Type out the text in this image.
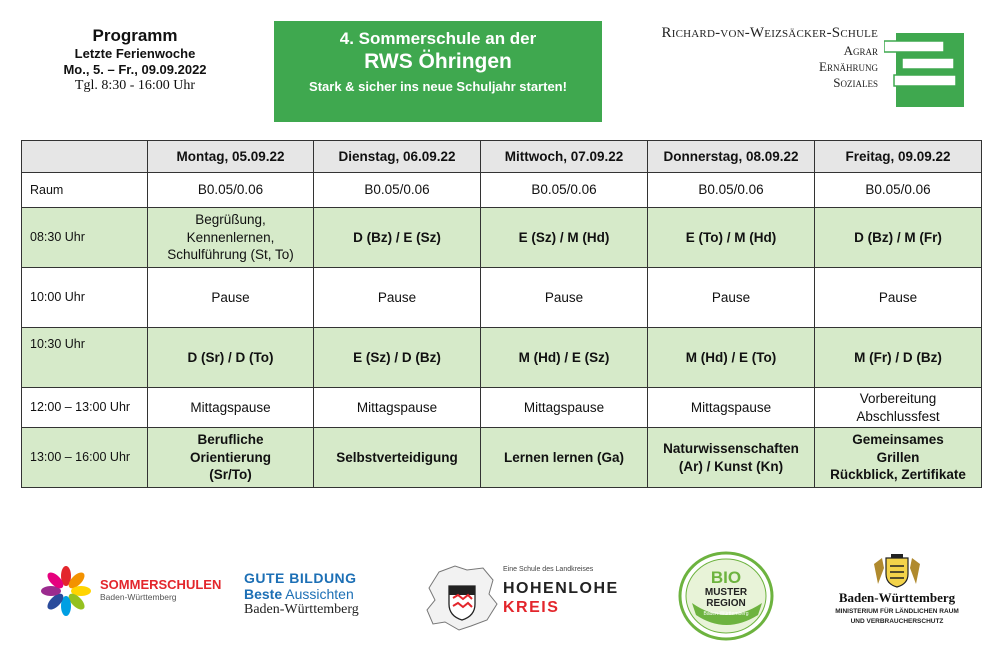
Programm
Letzte Ferienwoche
Mo., 5. – Fr., 09.09.2022
Tgl. 8:30 - 16:00 Uhr
4. Sommerschule an der
RWS Öhringen
Stark & sicher ins neue Schuljahr starten!
Richard-von-Weizsäcker-Schule
Agrar
Ernährung
Soziales
	Montag, 05.09.22	Dienstag, 06.09.22	Mittwoch, 07.09.22	Donnerstag, 08.09.22	Freitag, 09.09.22
Raum	B0.05/0.06	B0.05/0.06	B0.05/0.06	B0.05/0.06	B0.05/0.06
08:30 Uhr	Begrüßung,
Kennenlernen,
Schulführung (St, To)	D (Bz) / E (Sz)	E (Sz) / M (Hd)	E (To) / M (Hd)	D (Bz) / M (Fr)
10:00 Uhr	Pause	Pause	Pause	Pause	Pause
10:30 Uhr	D (Sr) / D (To)	E (Sz) / D (Bz)	M (Hd) / E (Sz)	M (Hd) / E (To)	M (Fr) / D (Bz)
12:00 – 13:00 Uhr	Mittagspause	Mittagspause	Mittagspause	Mittagspause	Vorbereitung
Abschlussfest
13:00 – 16:00 Uhr	Berufliche
Orientierung
(Sr/To)	Selbstverteidigung	Lernen lernen (Ga)	Naturwissenschaften
(Ar) / Kunst (Kn)	Gemeinsames
Grillen
Rückblick, Zertifikate
SOMMERSCHULEN
Baden-Württemberg
GUTE BILDUNG
Beste Aussichten
Baden-Württemberg
Eine Schule des Landkreises
HOHENLOHE
KREIS
BIO
MUSTER
REGION
Baden-Württemberg
Baden-Württemberg
MINISTERIUM FÜR LÄNDLICHEN RAUM
UND VERBRAUCHERSCHUTZ
